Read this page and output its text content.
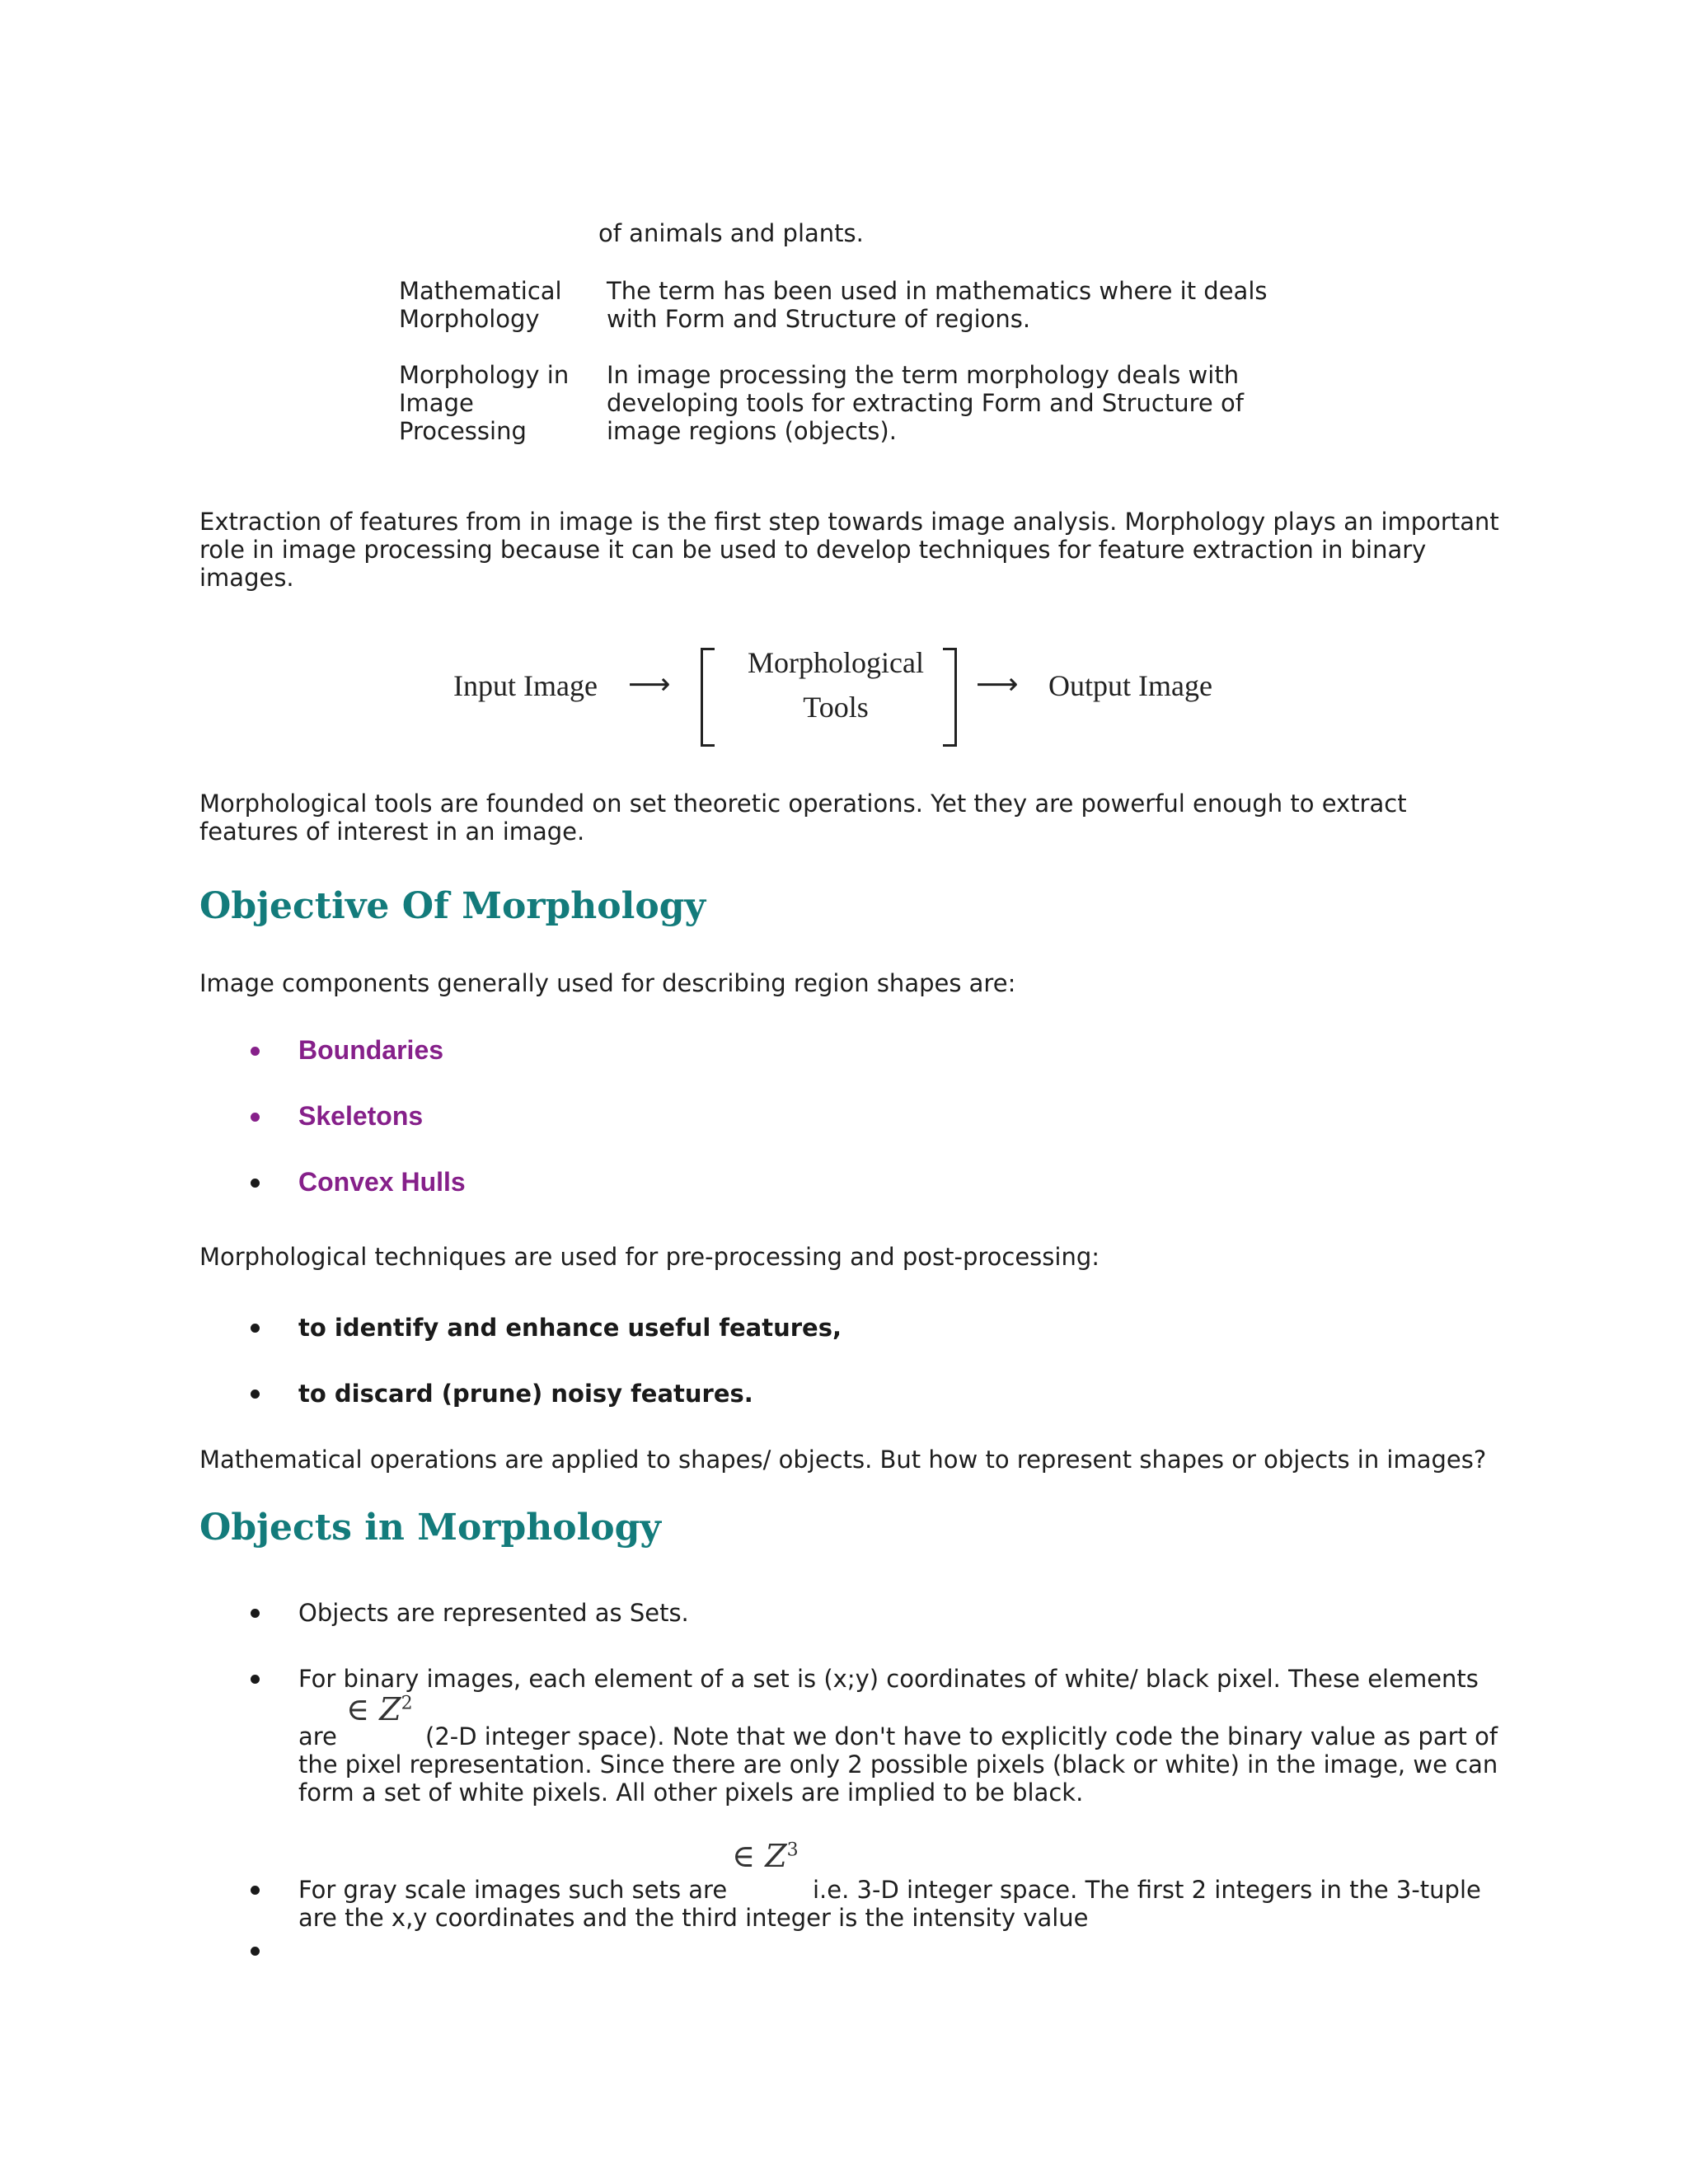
of animals and plants.
Mathematical Morphology
The term has been used in mathematics where it deals with Form and Structure of regions.
Morphology in Image Processing
In image processing the term morphology deals with developing tools for extracting Form and Structure of image regions (objects).

Extraction of features from in image is the first step towards image analysis. Morphology plays an important role in image processing because it can be used to develop techniques for feature extraction in binary images.

Input Image ⟶
Morphological
Tools
⟶ Output Image

Morphological tools are founded on set theoretic operations. Yet they are powerful enough to extract features of interest in an image.

Objective Of Morphology

Image components generally used for describing region shapes are:

Boundaries

Skeletons

Convex Hulls

Morphological techniques are used for pre-processing and post-processing:

to identify and enhance useful features,

to discard (prune) noisy features.

Mathematical operations are applied to shapes/ objects. But how to represent shapes or objects in images?

Objects in Morphology

Objects are represented as Sets.

For binary images, each element of a set is (x;y) coordinates of white/ black pixel. These elements

∈ $Z^2$

are	(2-D integer space). Note that we don't have to explicitly code the binary value as part of the pixel representation. Since there are only 2 possible pixels (black or white) in the image, we can form a set of white pixels. All other pixels are implied to be black.

For gray scale images such sets are

∈ $Z^3$

i.e. 3-D integer space. The first 2 integers in the 3-tuple

are the x,y coordinates and the third integer is the intensity value
